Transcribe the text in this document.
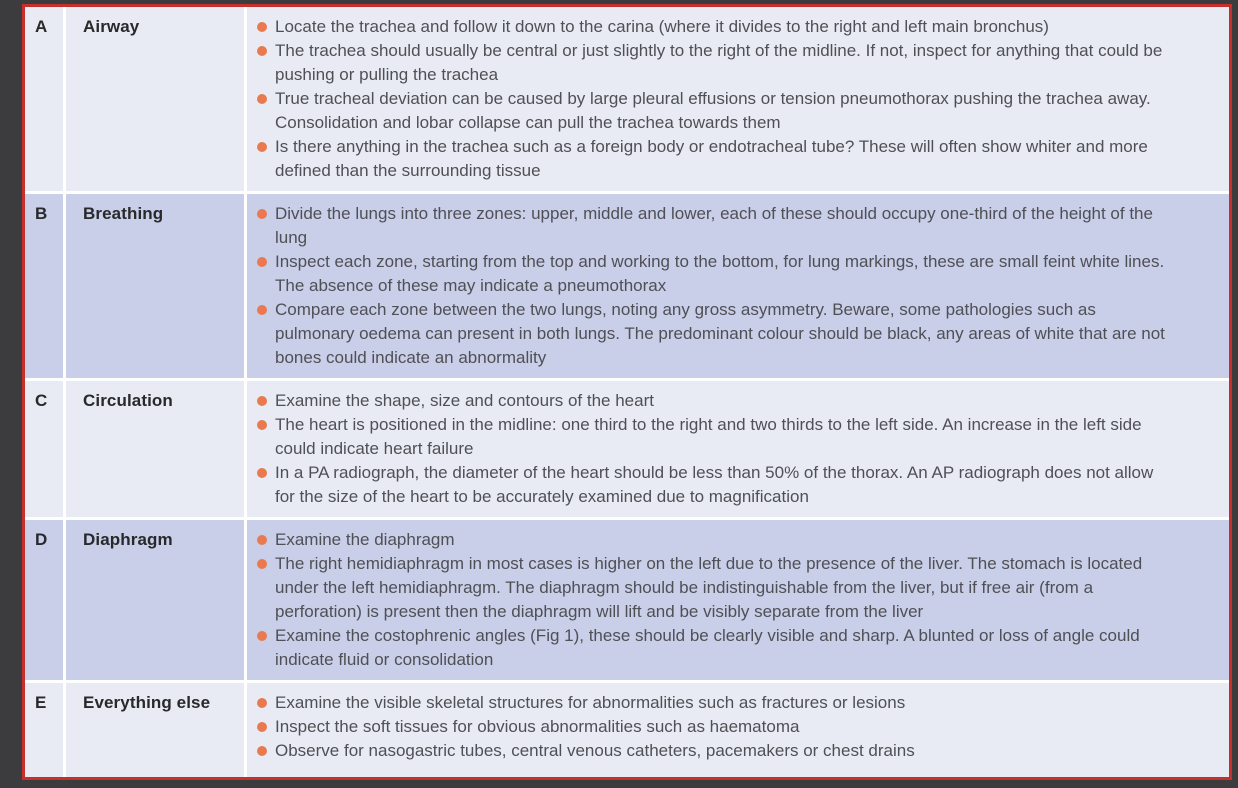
A	Airway	Locate the trachea and follow it down to the carina (where it divides to the right and left main bronchus)
The trachea should usually be central or just slightly to the right of the midline. If not, inspect for anything that could be pushing or pulling the trachea
True tracheal deviation can be caused by large pleural effusions or tension pneumothorax pushing the trachea away. Consolidation and lobar collapse can pull the trachea towards them
Is there anything in the trachea such as a foreign body or endotracheal tube? These will often show whiter and more defined than the surrounding tissue
B	Breathing	Divide the lungs into three zones: upper, middle and lower, each of these should occupy one-third of the height of the lung
Inspect each zone, starting from the top and working to the bottom, for lung markings, these are small feint white lines. The absence of these may indicate a pneumothorax
Compare each zone between the two lungs, noting any gross asymmetry. Beware, some pathologies such as pulmonary oedema can present in both lungs. The predominant colour should be black, any areas of white that are not bones could indicate an abnormality
C	Circulation	Examine the shape, size and contours of the heart
The heart is positioned in the midline: one third to the right and two thirds to the left side. An increase in the left side could indicate heart failure
In a PA radiograph, the diameter of the heart should be less than 50% of the thorax. An AP radiograph does not allow for the size of the heart to be accurately examined due to magnification
D	Diaphragm	Examine the diaphragm
The right hemidiaphragm in most cases is higher on the left due to the presence of the liver. The stomach is located under the left hemidiaphragm. The diaphragm should be indistinguishable from the liver, but if free air (from a perforation) is present then the diaphragm will lift and be visibly separate from the liver
Examine the costophrenic angles (Fig 1), these should be clearly visible and sharp. A blunted or loss of angle could indicate fluid or consolidation
E	Everything else	Examine the visible skeletal structures for abnormalities such as fractures or lesions
Inspect the soft tissues for obvious abnormalities such as haematoma
Observe for nasogastric tubes, central venous catheters, pacemakers or chest drains
